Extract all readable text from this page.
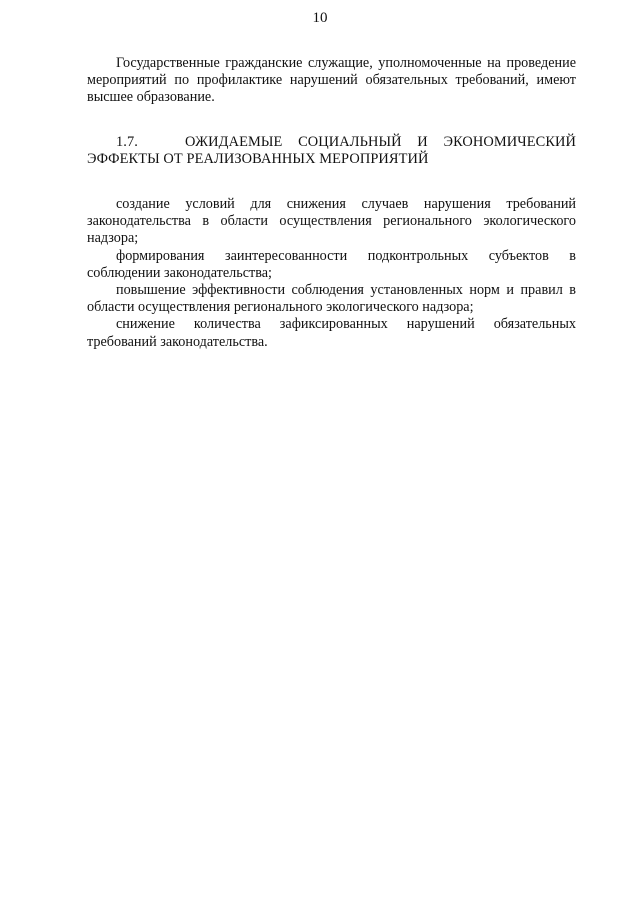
10

Государственные гражданские служащие, уполномоченные на проведение мероприятий по профилактике нарушений обязательных требований, имеют высшее образование.

1.7.   ОЖИДАЕМЫЕ СОЦИАЛЬНЫЙ И ЭКОНОМИЧЕСКИЙ ЭФФЕКТЫ ОТ РЕАЛИЗОВАННЫХ МЕРОПРИЯТИЙ

создание условий для снижения случаев нарушения требований законодательства в области осуществления регионального экологического надзора;

формирования заинтересованности подконтрольных субъектов в соблюдении законодательства;

повышение эффективности соблюдения установленных норм и правил в области осуществления регионального экологического надзора;

снижение количества зафиксированных нарушений обязательных требований законодательства.
